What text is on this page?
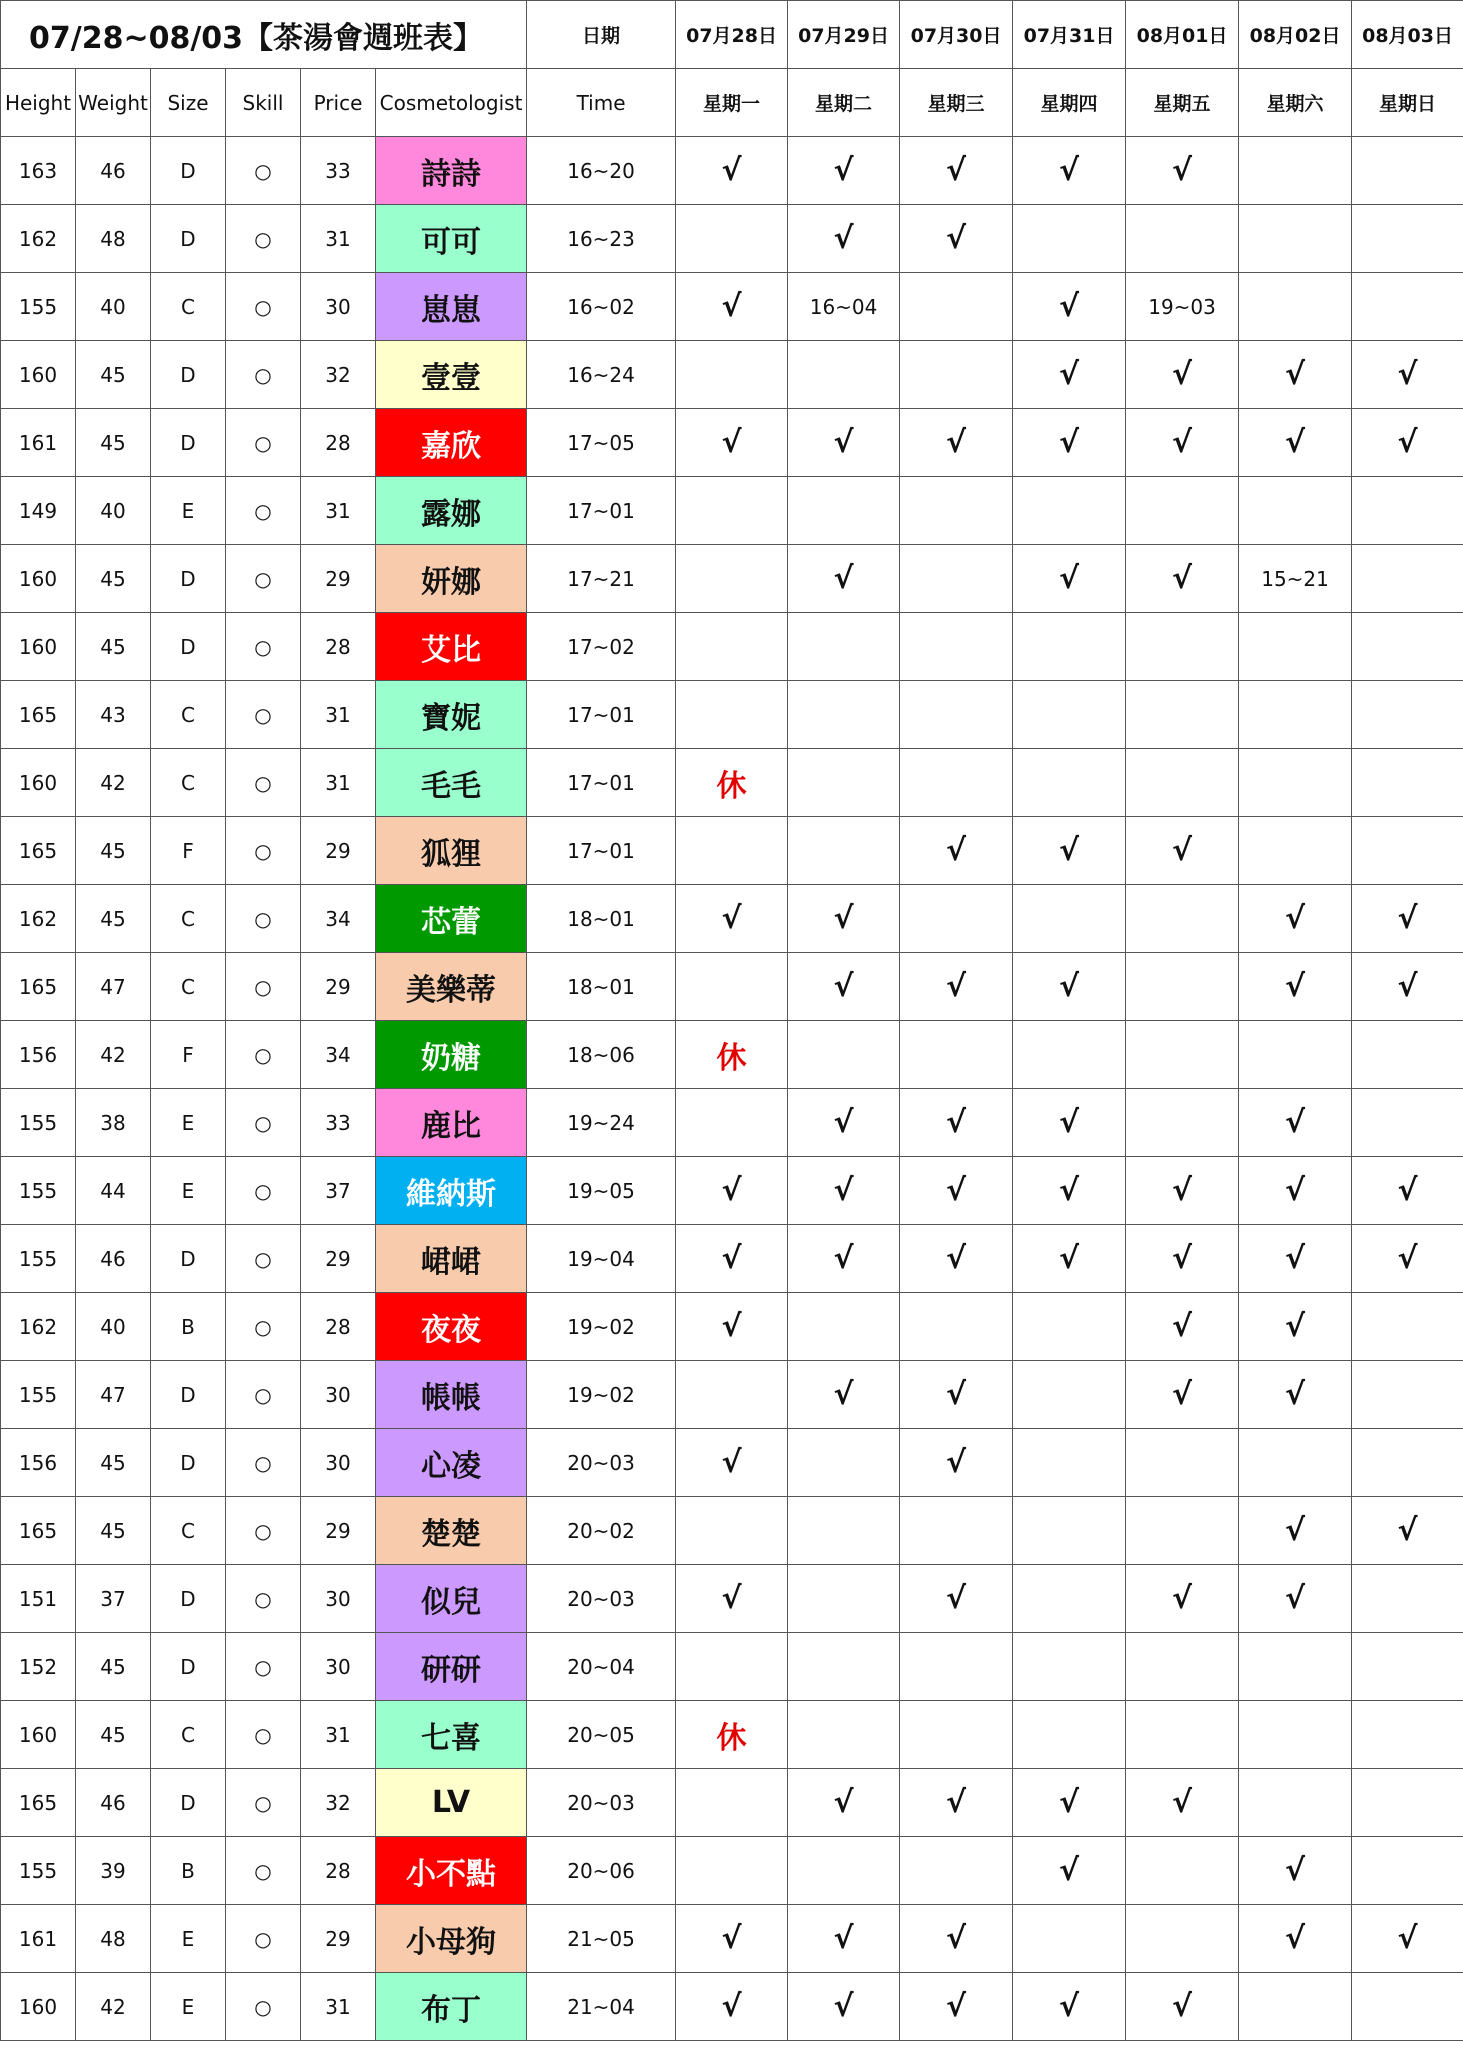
07/28~08/03【茶湯會週班表】						日期	07月28日	07月29日	07月30日	07月31日	08月01日	08月02日	08月03日
Height	Weight	Size	Skill	Price	Cosmetologist	Time	星期一	星期二	星期三	星期四	星期五	星期六	星期日
163	46	D	○	33	詩詩	16~20	√	√	√	√	√		
162	48	D	○	31	可可	16~23		√	√				
155	40	C	○	30	崽崽	16~02	√	16~04		√	19~03		
160	45	D	○	32	壹壹	16~24				√	√	√	√
161	45	D	○	28	嘉欣	17~05	√	√	√	√	√	√	√
149	40	E	○	31	露娜	17~01							
160	45	D	○	29	妍娜	17~21		√		√	√	15~21	
160	45	D	○	28	艾比	17~02							
165	43	C	○	31	寶妮	17~01							
160	42	C	○	31	毛毛	17~01	休						
165	45	F	○	29	狐狸	17~01			√	√	√		
162	45	C	○	34	芯蕾	18~01	√	√				√	√
165	47	C	○	29	美樂蒂	18~01		√	√	√		√	√
156	42	F	○	34	奶糖	18~06	休						
155	38	E	○	33	鹿比	19~24		√	√	√		√	
155	44	E	○	37	維納斯	19~05	√	√	√	√	√	√	√
155	46	D	○	29	峮峮	19~04	√	√	√	√	√	√	√
162	40	B	○	28	夜夜	19~02	√				√	√	
155	47	D	○	30	帳帳	19~02		√	√		√	√	
156	45	D	○	30	心凌	20~03	√		√				
165	45	C	○	29	楚楚	20~02						√	√
151	37	D	○	30	似兒	20~03	√		√		√	√	
152	45	D	○	30	研研	20~04							
160	45	C	○	31	七喜	20~05	休						
165	46	D	○	32	LV	20~03		√	√	√	√		
155	39	B	○	28	小不點	20~06				√		√	
161	48	E	○	29	小母狗	21~05	√	√	√			√	√
160	42	E	○	31	布丁	21~04	√	√	√	√	√		
